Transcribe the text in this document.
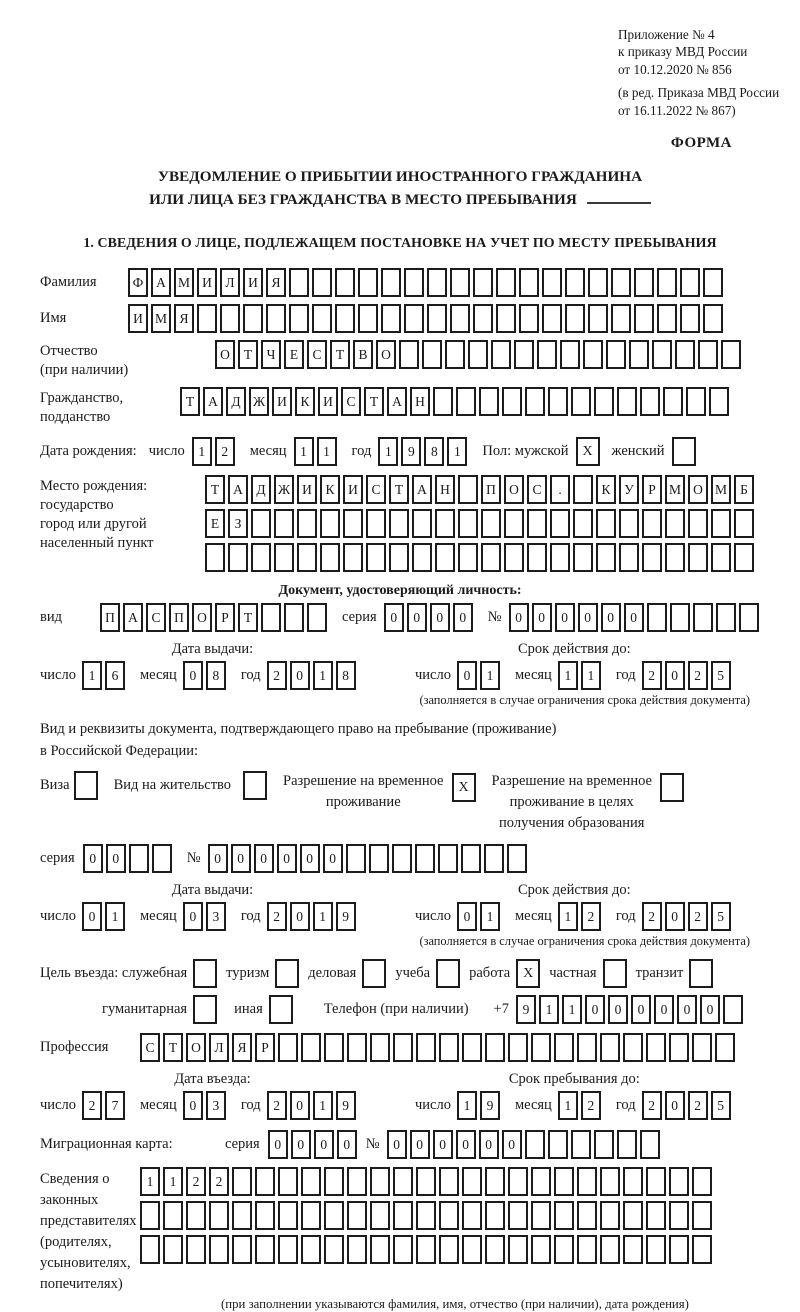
Приложение № 4

к приказу МВД России

от 10.12.2020 № 856

(в ред. Приказа МВД России

от 16.11.2022 № 867)

ФОРМА
УВЕДОМЛЕНИЕ О ПРИБЫТИИ ИНОСТРАННОГО ГРАЖДАНИНА
ИЛИ ЛИЦА БЕЗ ГРАЖДАНСТВА В МЕСТО ПРЕБЫВАНИЯ
1. СВЕДЕНИЯ О ЛИЦЕ, ПОДЛЕЖАЩЕМ ПОСТАНОВКЕ НА УЧЕТ ПО МЕСТУ ПРЕБЫВАНИЯ
Фамилия	Ф А М И	Л	И	Я
Имя	И М Я
Отчество
(при наличии)
О	Т	Ч	Е	С	Т	В	О
Гражданство,
подданство
Т	А	Д Ж И	К	И	С	Т	А Н
Дата рождения: число	1	2	месяц	1	1	год	1	9	8	1	Пол: мужской X	женский
Место рождения:
государство
город или другой
населенный пункт
Т	А	Д Ж И	К	И	С	Т	А Н	П О	С	.	К	У	Р М О М Б
Е	З
Документ, удостоверяющий личность:
вид	П А	С	П О	Р	Т	серия	0	0	0	0	№	0	0	0	0	0	0
Дата выдачи:
число 1	6	месяц 0	8	год 2	0	1	8
Срок действия до:
число 0	1	месяц 1	1	год 2	0	2	5
(заполняется в случае ограничения срока действия документа)
Вид и реквизиты документа, подтверждающего право на пребывание (проживание)
в Российской Федерации:
Виза	Вид на жительство	Разрешение на временное
проживание
X	Разрешение на временное
проживание в целях
получения образования
серия	0	0	№	0	0	0	0	0	0
Дата выдачи:
число 0	1	месяц 0	3	год 2	0	1	9
Срок действия до:
число 0	1	месяц 1	2	год 2	0	2	5
(заполняется в случае ограничения срока действия документа)
Цель въезда: служебная	туризм	деловая	учеба	работа X	частная	транзит
гуманитарная	иная	Телефон (при наличии) +7	9	1	1	0	0	0	0	0	0
Профессия	С	Т	О	Л	Я	Р
Дата въезда:
число 2	7	месяц 0	3	год 2	0	1	9
Срок пребывания до:
число 1	9	месяц 1	2	год 2	0	2	5
Миграционная карта:	серия	0	0	0	0	№	0	0	0	0	0	0
Сведения о
законных
представителях
(родителях,
усыновителях,
попечителях)
1	1	2	2
(при заполнении указываются фамилия, имя, отчество (при наличии), дата рождения)
